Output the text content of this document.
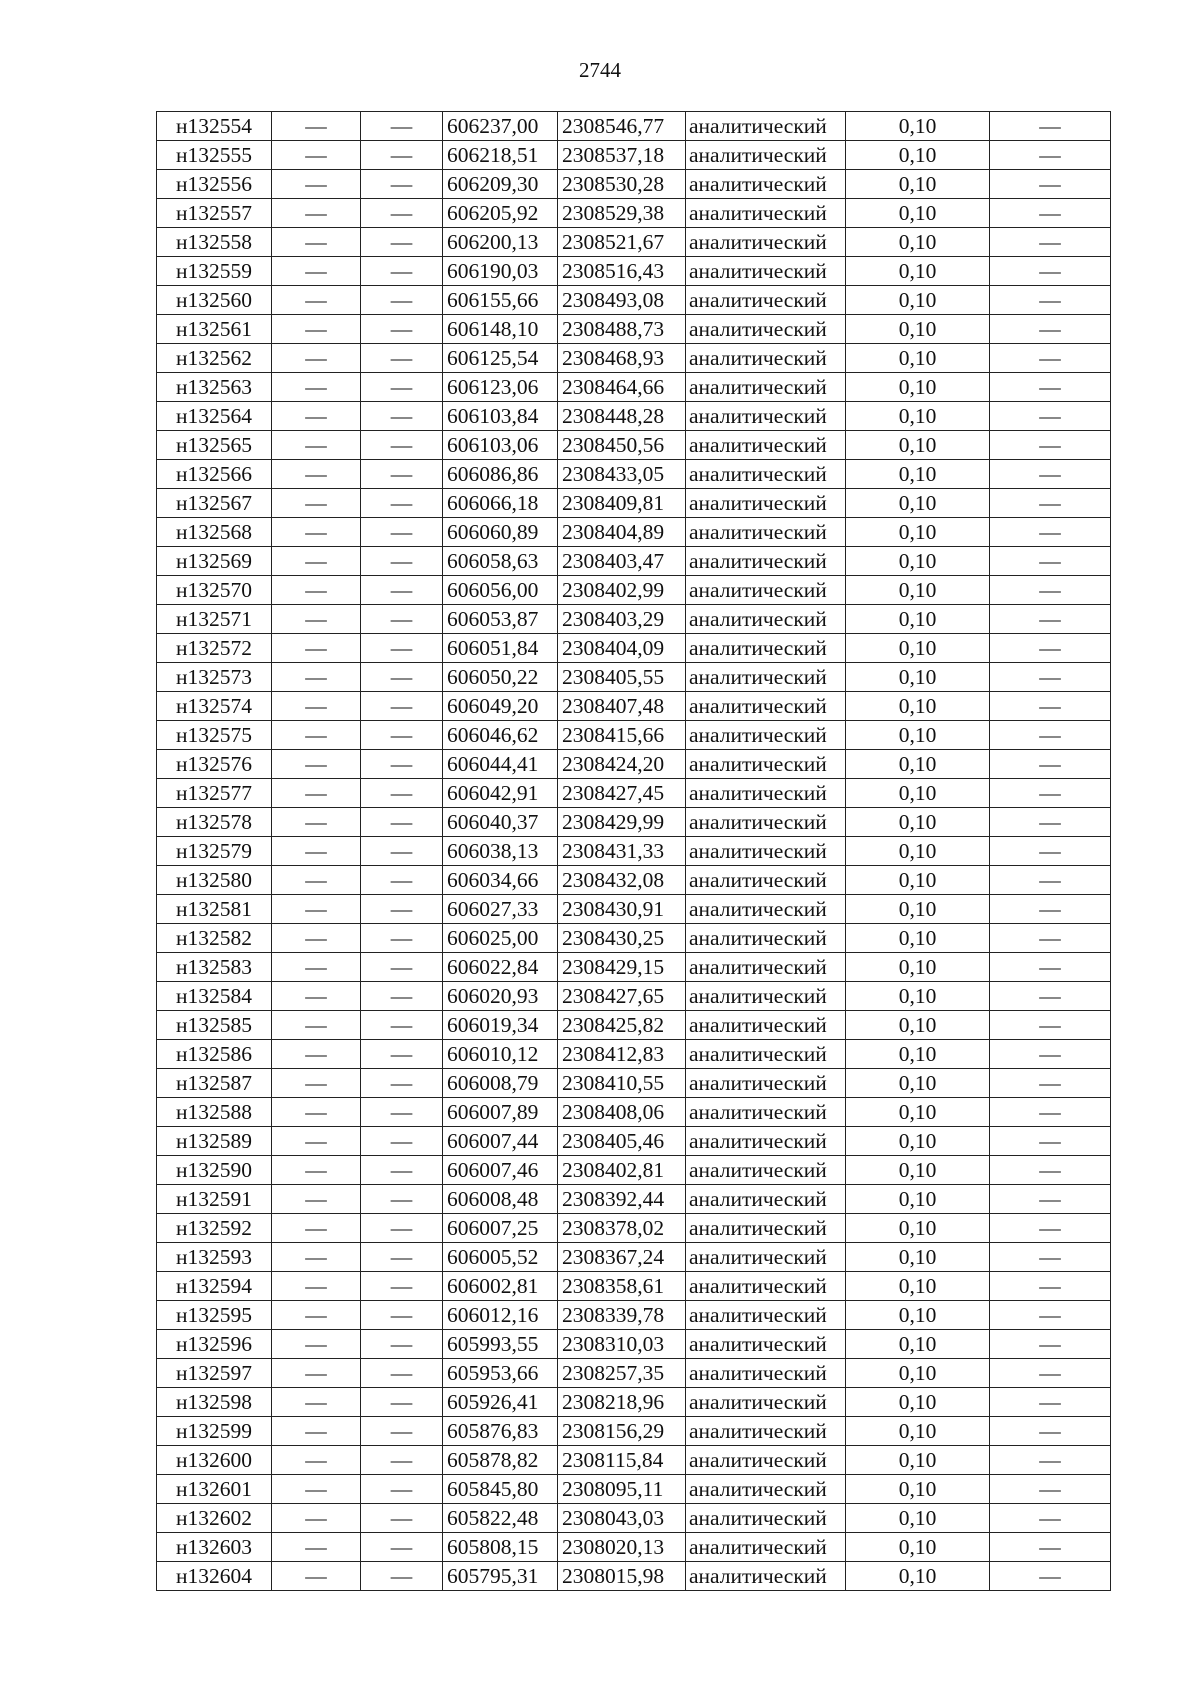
2744
н132554	—	—	606237,00	2308546,77	аналитический	0,10	—
н132555	—	—	606218,51	2308537,18	аналитический	0,10	—
н132556	—	—	606209,30	2308530,28	аналитический	0,10	—
н132557	—	—	606205,92	2308529,38	аналитический	0,10	—
н132558	—	—	606200,13	2308521,67	аналитический	0,10	—
н132559	—	—	606190,03	2308516,43	аналитический	0,10	—
н132560	—	—	606155,66	2308493,08	аналитический	0,10	—
н132561	—	—	606148,10	2308488,73	аналитический	0,10	—
н132562	—	—	606125,54	2308468,93	аналитический	0,10	—
н132563	—	—	606123,06	2308464,66	аналитический	0,10	—
н132564	—	—	606103,84	2308448,28	аналитический	0,10	—
н132565	—	—	606103,06	2308450,56	аналитический	0,10	—
н132566	—	—	606086,86	2308433,05	аналитический	0,10	—
н132567	—	—	606066,18	2308409,81	аналитический	0,10	—
н132568	—	—	606060,89	2308404,89	аналитический	0,10	—
н132569	—	—	606058,63	2308403,47	аналитический	0,10	—
н132570	—	—	606056,00	2308402,99	аналитический	0,10	—
н132571	—	—	606053,87	2308403,29	аналитический	0,10	—
н132572	—	—	606051,84	2308404,09	аналитический	0,10	—
н132573	—	—	606050,22	2308405,55	аналитический	0,10	—
н132574	—	—	606049,20	2308407,48	аналитический	0,10	—
н132575	—	—	606046,62	2308415,66	аналитический	0,10	—
н132576	—	—	606044,41	2308424,20	аналитический	0,10	—
н132577	—	—	606042,91	2308427,45	аналитический	0,10	—
н132578	—	—	606040,37	2308429,99	аналитический	0,10	—
н132579	—	—	606038,13	2308431,33	аналитический	0,10	—
н132580	—	—	606034,66	2308432,08	аналитический	0,10	—
н132581	—	—	606027,33	2308430,91	аналитический	0,10	—
н132582	—	—	606025,00	2308430,25	аналитический	0,10	—
н132583	—	—	606022,84	2308429,15	аналитический	0,10	—
н132584	—	—	606020,93	2308427,65	аналитический	0,10	—
н132585	—	—	606019,34	2308425,82	аналитический	0,10	—
н132586	—	—	606010,12	2308412,83	аналитический	0,10	—
н132587	—	—	606008,79	2308410,55	аналитический	0,10	—
н132588	—	—	606007,89	2308408,06	аналитический	0,10	—
н132589	—	—	606007,44	2308405,46	аналитический	0,10	—
н132590	—	—	606007,46	2308402,81	аналитический	0,10	—
н132591	—	—	606008,48	2308392,44	аналитический	0,10	—
н132592	—	—	606007,25	2308378,02	аналитический	0,10	—
н132593	—	—	606005,52	2308367,24	аналитический	0,10	—
н132594	—	—	606002,81	2308358,61	аналитический	0,10	—
н132595	—	—	606012,16	2308339,78	аналитический	0,10	—
н132596	—	—	605993,55	2308310,03	аналитический	0,10	—
н132597	—	—	605953,66	2308257,35	аналитический	0,10	—
н132598	—	—	605926,41	2308218,96	аналитический	0,10	—
н132599	—	—	605876,83	2308156,29	аналитический	0,10	—
н132600	—	—	605878,82	2308115,84	аналитический	0,10	—
н132601	—	—	605845,80	2308095,11	аналитический	0,10	—
н132602	—	—	605822,48	2308043,03	аналитический	0,10	—
н132603	—	—	605808,15	2308020,13	аналитический	0,10	—
н132604	—	—	605795,31	2308015,98	аналитический	0,10	—
